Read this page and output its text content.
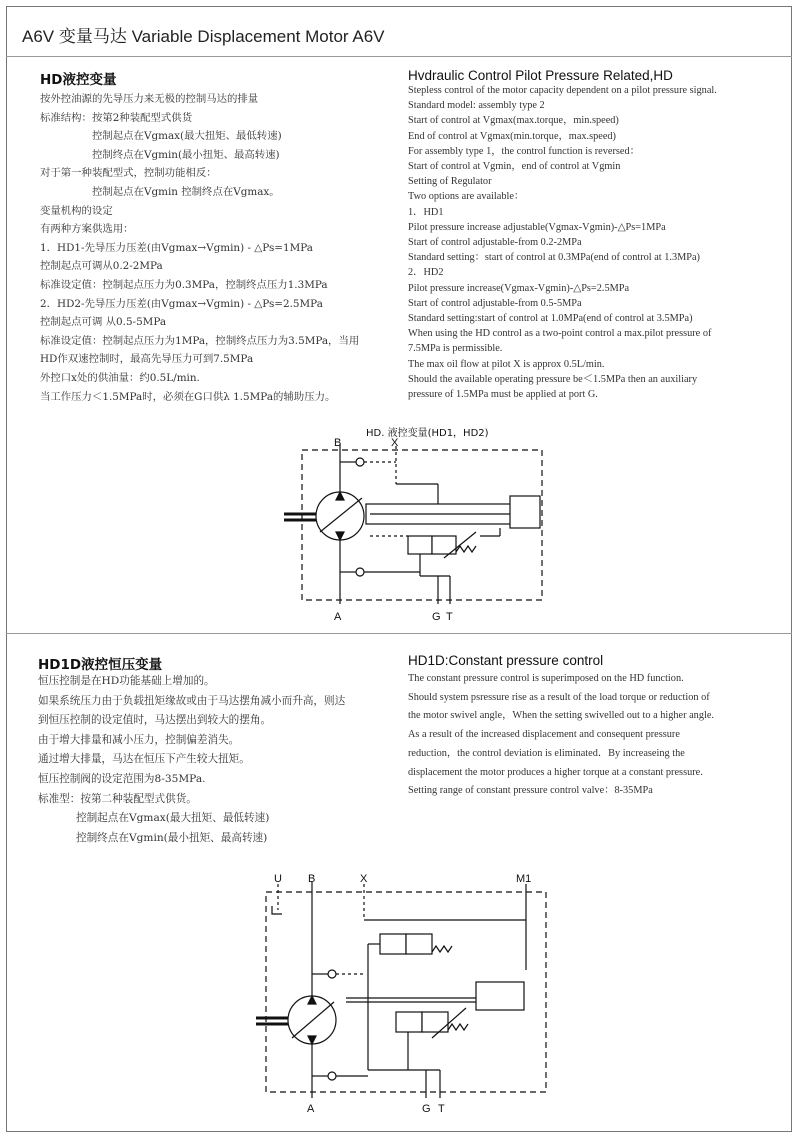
A6V 变量马达 Variable Displacement Motor A6V
HD液控变量

按外控油源的先导压力来无极的控制马达的排量

标准结构：按第2种装配型式供货

控制起点在Vgmax(最大扭矩、最低转速)

控制终点在Vgmin(最小扭矩、最高转速)

对于第一种装配型式，控制功能相反：

控制起点在Vgmin 控制终点在Vgmax。

变量机构的设定

有两种方案供选用：

1．HD1-先导压力压差(由Vgmax→Vgmin) - △Ps=1MPa

控制起点可调从0.2-2MPa

标准设定值：控制起点压力为0.3MPa，控制终点压力1.3MPa

2．HD2-先导压力压差(由Vgmax→Vgmin) - △Ps=2.5MPa

控制起点可调 从0.5-5MPa

标准设定值：控制起点压力为1MPa，控制终点压力为3.5MPa，当用

HD作双速控制时，最高先导压力可到7.5MPa

外控口x处的供油量：约0.5L/min.

当工作压力＜1.5MPa时，必须在G口供λ 1.5MPa的辅助压力。

Hvdraulic Control Pilot Pressure Related,HD

Stepless control of the motor capacity dependent on a pilot pressure signal.

Standard model: assembly type 2

Start of control at Vgmax(max.torque，min.speed)

End of control at Vgmax(min.torque，max.speed)

For assembly type 1，the control function is reversed：

Start of control at Vgmin，end of control at Vgmin

Setting of Regulator

Two options are available：

1．HD1

Pilot pressure increase adjustable(Vgmax-Vgmin)-△Ps=1MPa

Start of control adjustable-from 0.2-2MPa

Standard setting：start of control at 0.3MPa(end of control at 1.3MPa)

2．HD2

Pilot pressure increase(Vgmax-Vgmin)-△Ps=2.5MPa

Start of control adjustable-from 0.5-5MPa

Standard setting:start of control at 1.0MPa(end of control at 3.5MPa)

When using the HD control as a two-point control a max.pilot pressure of

7.5MPa is permissible.

The max oil flow at pilot X is approx 0.5L/min.

Should the available operating pressure be＜1.5MPa then an auxiliary

pressure of 1.5MPa must be applied at port G.

HD. 液控变量(HD1，HD2)
B	X
A	G T
HD1D液控恒压变量

恒压控制是在HD功能基础上增加的。

如果系统压力由于负载扭矩缘故或由于马达摆角减小而升高，则达

到恒压控制的设定值时，马达摆出到较大的摆角。

由于增大排量和减小压力，控制偏差消失。

通过增大排量，马达在恒压下产生较大扭矩。

恒压控制阀的设定范围为8-35MPa.

标准型：按第二种装配型式供货。

控制起点在Vgmax(最大扭矩、最低转速)

控制终点在Vgmin(最小扭矩、最高转速)

HD1D:Constant pressure control

The constant pressure control is superimposed on the HD function.

Should system psressure rise as a result of the load torque or reduction of

the motor swivel angle，When the setting swivelled out to a higher angle.

As a result of the increased displacement and consequent pressure

reduction，the control deviation is eliminated．By increaseing the

displacement the motor produces a higher torque at a constant pressure.

Setting range of constant pressure control valve：8-35MPa

U B	X	M1
A	G T
